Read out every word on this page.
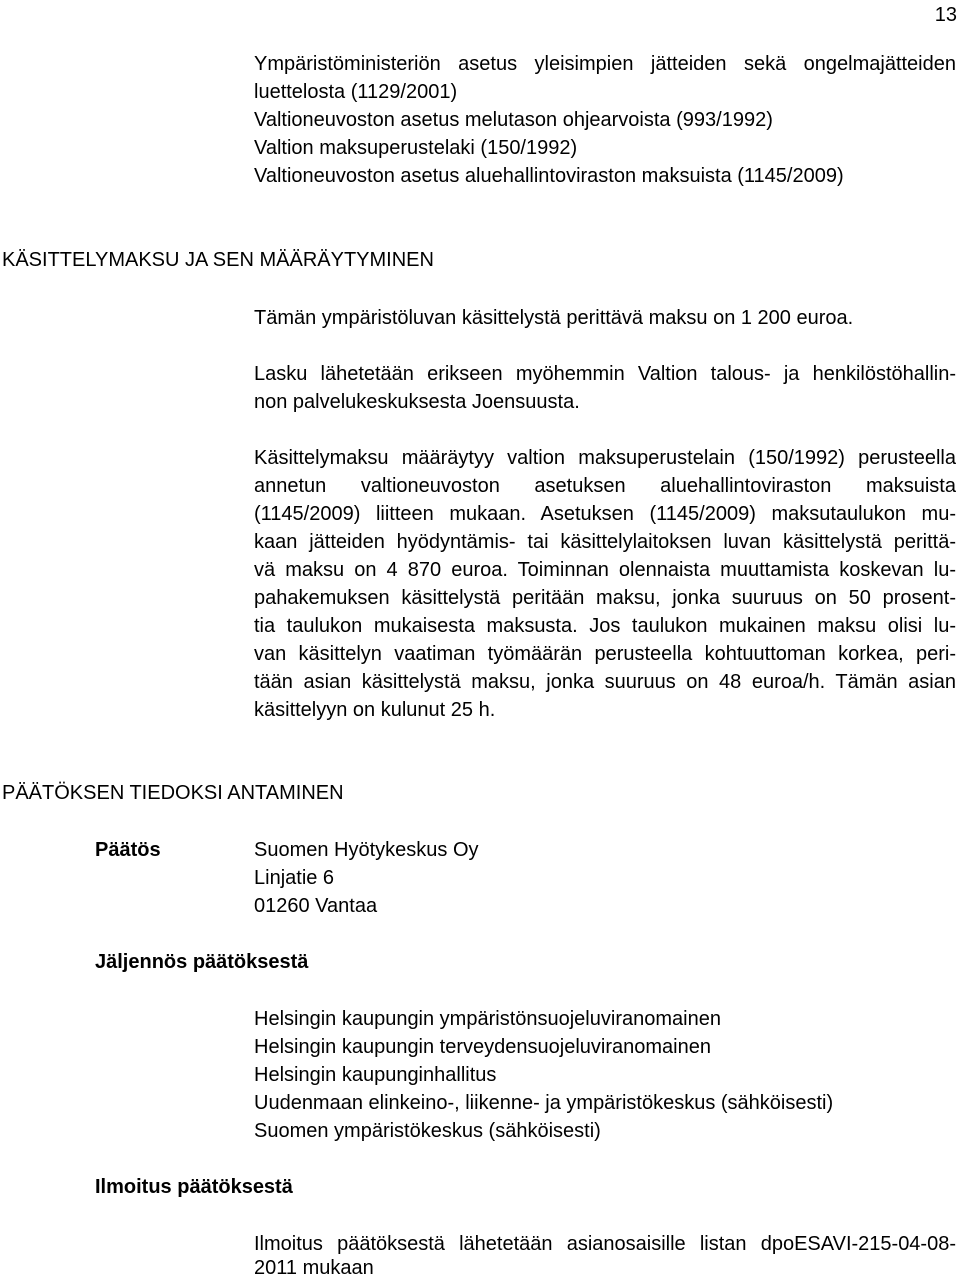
13
Ympäristöministeriön asetus yleisimpien jätteiden sekä ongelmajätteiden
luettelosta (1129/2001)
Valtioneuvoston asetus melutason ohjearvoista (993/1992)
Valtion maksuperustelaki (150/1992)
Valtioneuvoston asetus aluehallintoviraston maksuista (1145/2009)
KÄSITTELYMAKSU JA SEN MÄÄRÄYTYMINEN
Tämän ympäristöluvan käsittelystä perittävä maksu on 1 200 euroa.
Lasku lähetetään erikseen myöhemmin Valtion talous- ja henkilöstöhallin-
non palvelukeskuksesta Joensuusta.
Käsittelymaksu määräytyy valtion maksuperustelain (150/1992) perusteella
annetun valtioneuvoston asetuksen aluehallintoviraston maksuista
(1145/2009) liitteen mukaan. Asetuksen (1145/2009) maksutaulukon mu-
kaan jätteiden hyödyntämis- tai käsittelylaitoksen luvan käsittelystä perittä-
vä maksu on 4 870 euroa. Toiminnan olennaista muuttamista koskevan lu-
pahakemuksen käsittelystä peritään maksu, jonka suuruus on 50 prosent-
tia taulukon mukaisesta maksusta. Jos taulukon mukainen maksu olisi lu-
van käsittelyn vaatiman työmäärän perusteella kohtuuttoman korkea, peri-
tään asian käsittelystä maksu, jonka suuruus on 48 euroa/h. Tämän asian
käsittelyyn on kulunut 25 h.
PÄÄTÖKSEN TIEDOKSI ANTAMINEN
Päätös	Suomen Hyötykeskus Oy
Linjatie 6
01260 Vantaa
Jäljennös päätöksestä
Helsingin kaupungin ympäristönsuojeluviranomainen
Helsingin kaupungin terveydensuojeluviranomainen
Helsingin kaupunginhallitus
Uudenmaan elinkeino-, liikenne- ja ympäristökeskus (sähköisesti)
Suomen ympäristökeskus (sähköisesti)
Ilmoitus päätöksestä
Ilmoitus päätöksestä lähetetään asianosaisille listan dpoESAVI-215-04-08-
2011 mukaan
